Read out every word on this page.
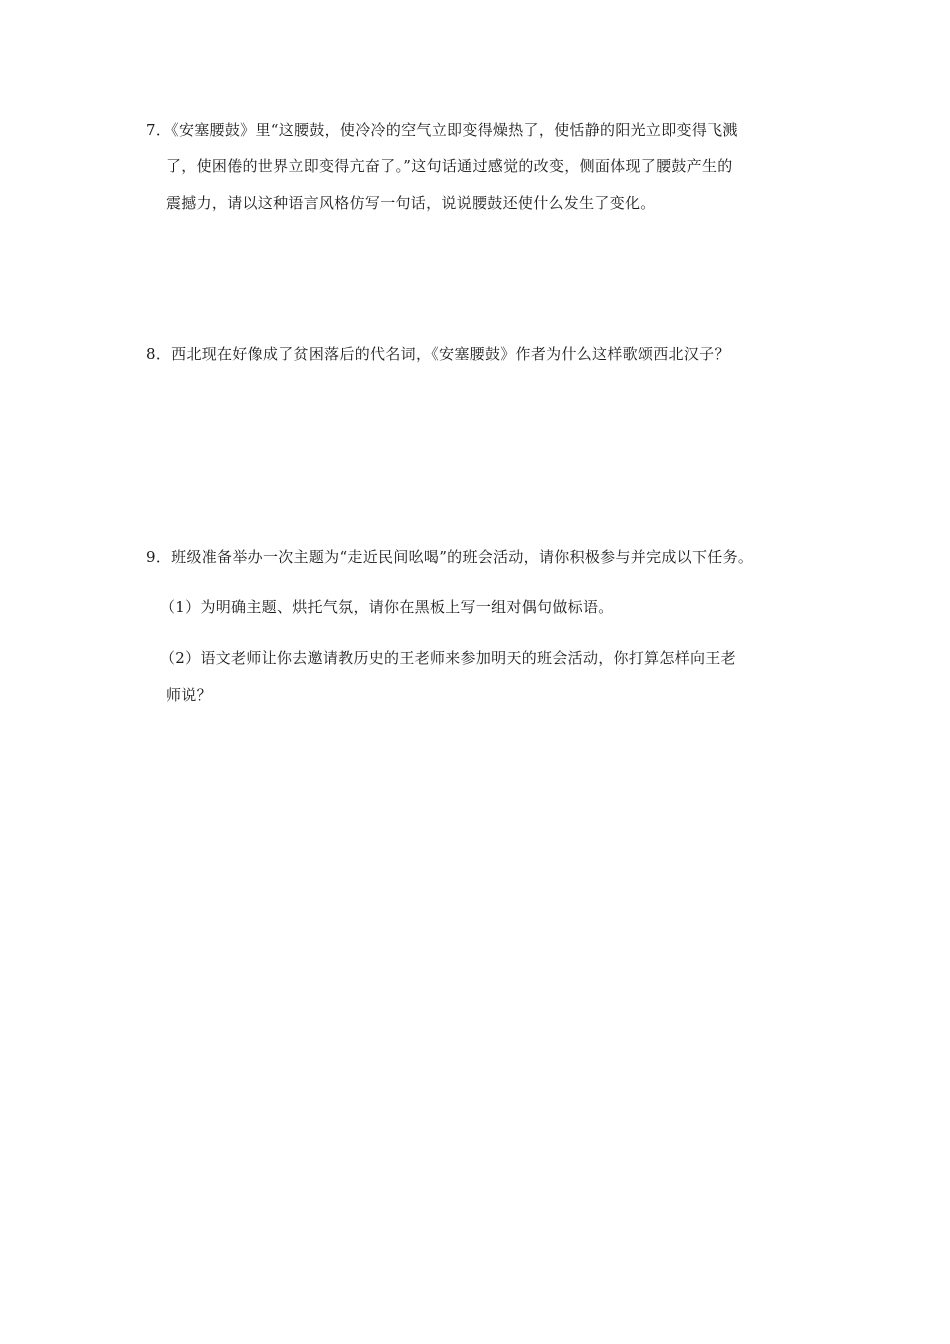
7．《安塞腰鼓》里“这腰鼓，使冷冷的空气立即变得燥热了，使恬静的阳光立即变得飞溅
了，使困倦的世界立即变得亢奋了。”这句话通过感觉的改变，侧面体现了腰鼓产生的
震撼力，请以这种语言风格仿写一句话，说说腰鼓还使什么发生了变化。
8．西北现在好像成了贫困落后的代名词，《安塞腰鼓》作者为什么这样歌颂西北汉子？
9．班级准备举办一次主题为“走近民间吆喝”的班会活动，请你积极参与并完成以下任务。
（1）为明确主题、烘托气氛，请你在黑板上写一组对偶句做标语。
（2）语文老师让你去邀请教历史的王老师来参加明天的班会活动，你打算怎样向王老
师说？
